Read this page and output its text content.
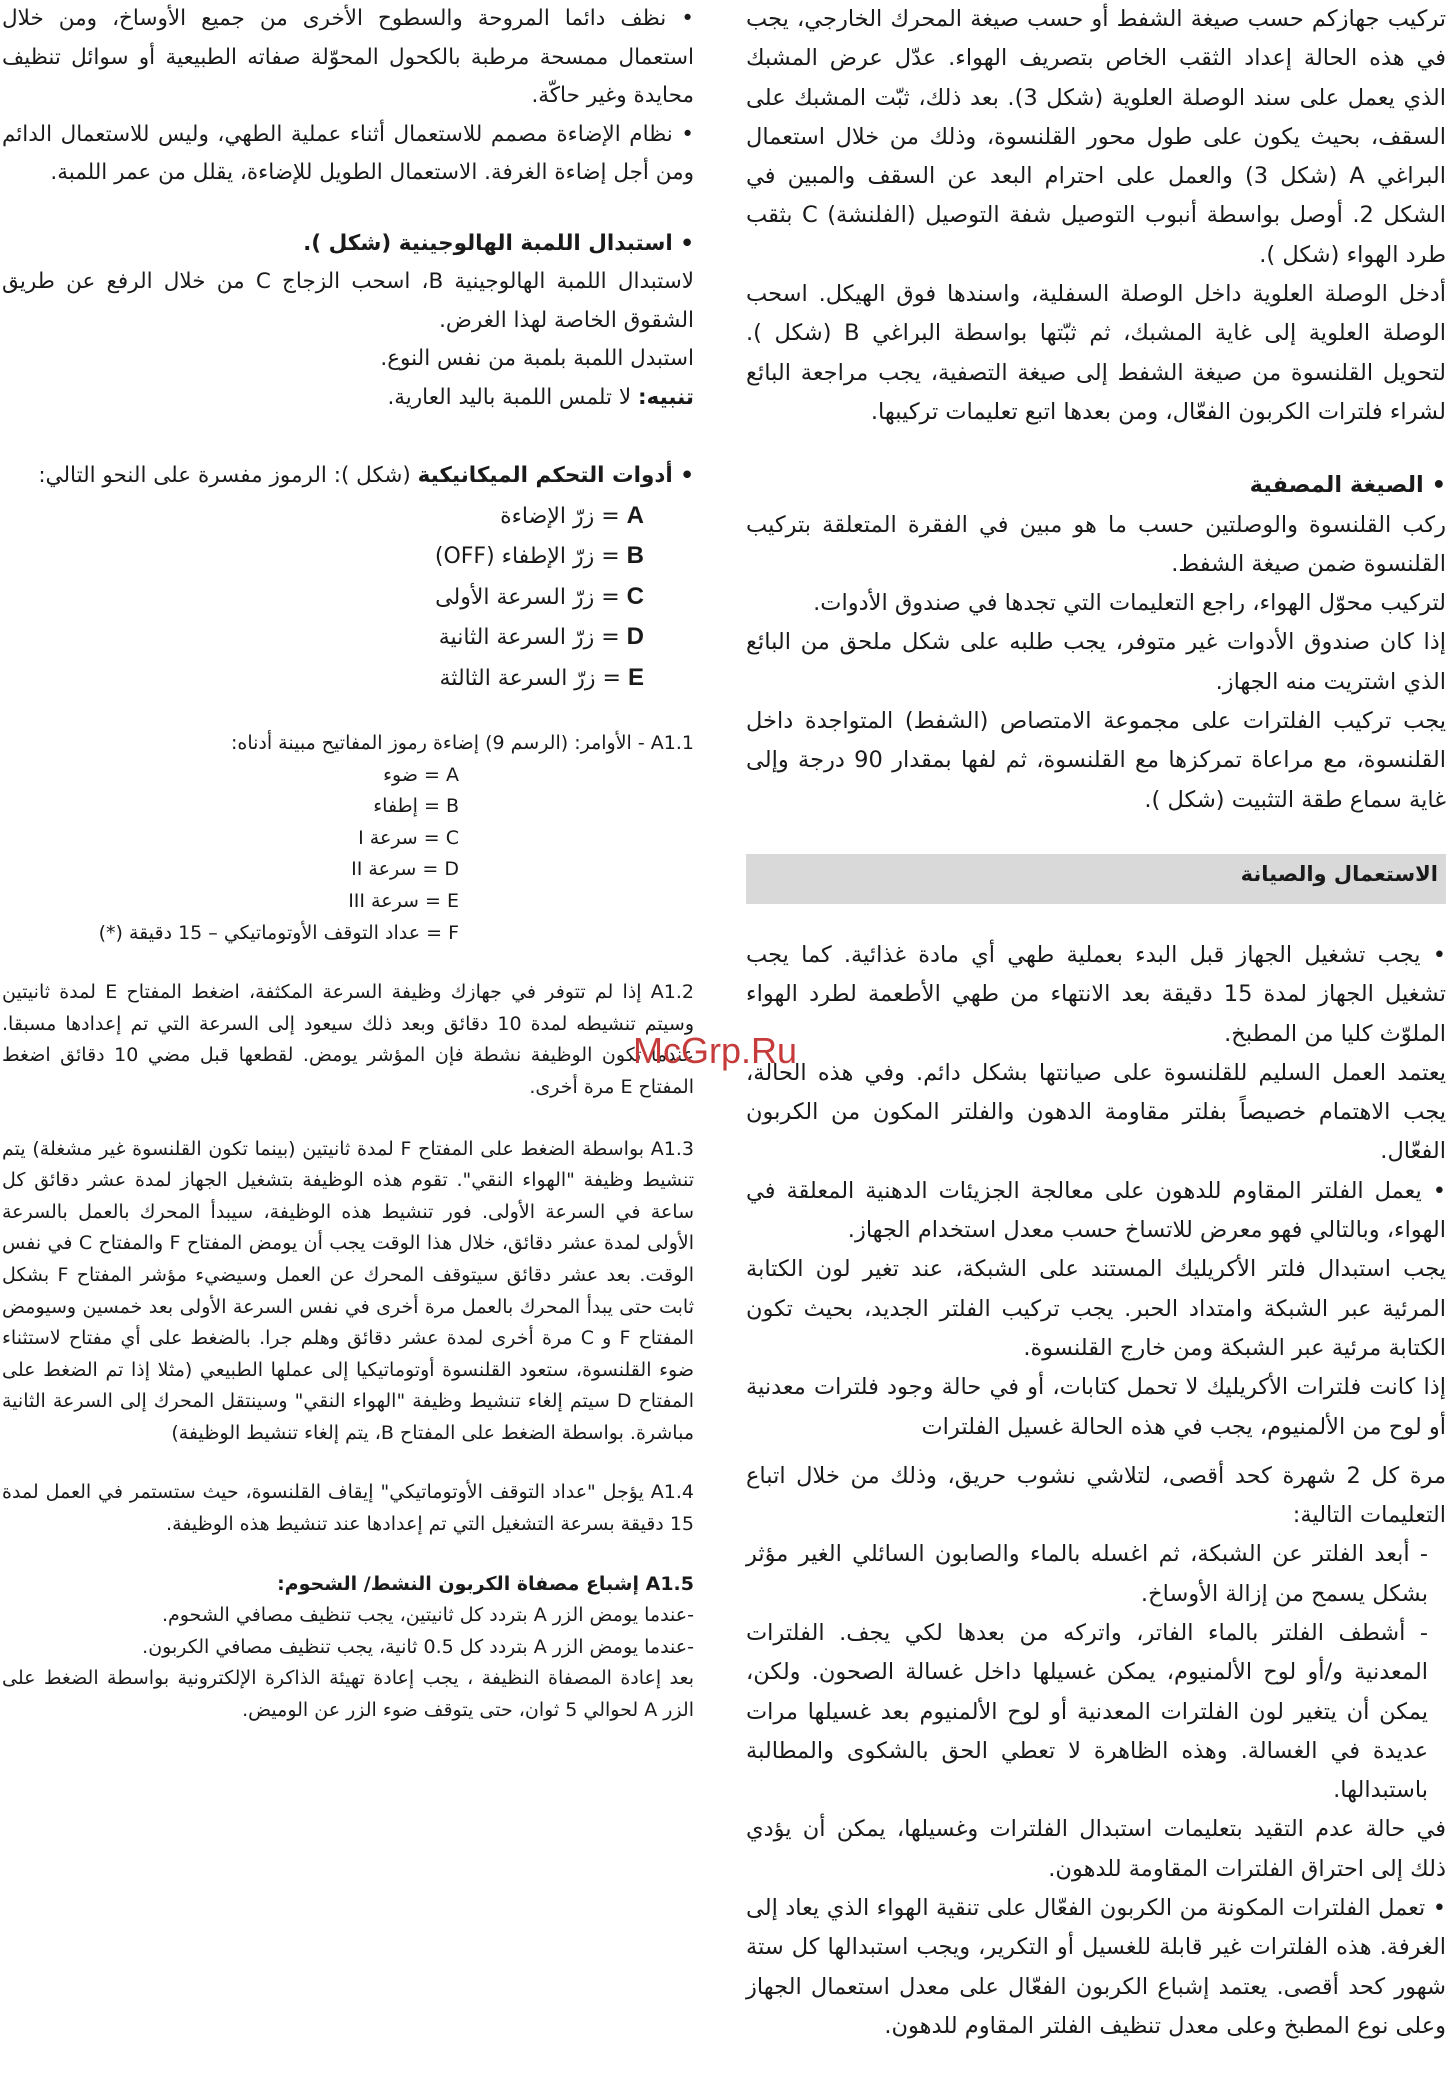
تركيب جهازكم حسب صيغة الشفط أو حسب صيغة المحرك الخارجي، يجب في هذه الحالة إعداد الثقب الخاص بتصريف الهواء. عدّل عرض المشبك الذي يعمل على سند الوصلة العلوية (شكل 3). بعد ذلك، ثبّت المشبك على السقف، بحيث يكون على طول محور القلنسوة، وذلك من خلال استعمال البراغي A (شكل 3) والعمل على احترام البعد عن السقف والمبين في الشكل 2. أوصل بواسطة أنبوب التوصيل شفة التوصيل (الفلنشة) C بثقب طرد الهواء (شكل ).

أدخل الوصلة العلوية داخل الوصلة السفلية، واسندها فوق الهيكل. اسحب الوصلة العلوية إلى غاية المشبك، ثم ثبّتها بواسطة البراغي B (شكل ). لتحويل القلنسوة من صيغة الشفط إلى صيغة التصفية، يجب مراجعة البائع لشراء فلترات الكربون الفعّال، ومن بعدها اتبع تعليمات تركيبها.

• الصيغة المصفية

ركب القلنسوة والوصلتين حسب ما هو مبين في الفقرة المتعلقة بتركيب القلنسوة ضمن صيغة الشفط.

لتركيب محوّل الهواء، راجع التعليمات التي تجدها في صندوق الأدوات.

إذا كان صندوق الأدوات غير متوفر، يجب طلبه على شكل ملحق من البائع الذي اشتريت منه الجهاز.

يجب تركيب الفلترات على مجموعة الامتصاص (الشفط) المتواجدة داخل القلنسوة، مع مراعاة تمركزها مع القلنسوة، ثم لفها بمقدار 90 درجة وإلى غاية سماع طقة التثبيت (شكل ).

الاستعمال والصيانة

• يجب تشغيل الجهاز قبل البدء بعملية طهي أي مادة غذائية. كما يجب تشغيل الجهاز لمدة 15 دقيقة بعد الانتهاء من طهي الأطعمة لطرد الهواء الملوّث كليا من المطبخ.

يعتمد العمل السليم للقلنسوة على صيانتها بشكل دائم. وفي هذه الحالة، يجب الاهتمام خصيصاً بفلتر مقاومة الدهون والفلتر المكون من الكربون الفعّال.

• يعمل الفلتر المقاوم للدهون على معالجة الجزيئات الدهنية المعلقة في الهواء، وبالتالي فهو معرض للاتساخ حسب معدل استخدام الجهاز.

يجب استبدال فلتر الأكريليك المستند على الشبكة، عند تغير لون الكتابة المرئية عبر الشبكة وامتداد الحبر. يجب تركيب الفلتر الجديد، بحيث تكون الكتابة مرئية عبر الشبكة ومن خارج القلنسوة.

إذا كانت فلترات الأكريليك لا تحمل كتابات، أو في حالة وجود فلترات معدنية أو لوح من الألمنيوم، يجب في هذه الحالة غسيل الفلترات

مرة كل 2 شهرة كحد أقصى، لتلاشي نشوب حريق، وذلك من خلال اتباع التعليمات التالية:

- أبعد الفلتر عن الشبكة، ثم اغسله بالماء والصابون السائلي الغير مؤثر بشكل يسمح من إزالة الأوساخ.

- أشطف الفلتر بالماء الفاتر، واتركه من بعدها لكي يجف. الفلترات المعدنية و/أو لوح الألمنيوم، يمكن غسيلها داخل غسالة الصحون. ولكن، يمكن أن يتغير لون الفلترات المعدنية أو لوح الألمنيوم بعد غسيلها مرات عديدة في الغسالة. وهذه الظاهرة لا تعطي الحق بالشكوى والمطالبة باستبدالها.

في حالة عدم التقيد بتعليمات استبدال الفلترات وغسيلها، يمكن أن يؤدي ذلك إلى احتراق الفلترات المقاومة للدهون.

• تعمل الفلترات المكونة من الكربون الفعّال على تنقية الهواء الذي يعاد إلى الغرفة. هذه الفلترات غير قابلة للغسيل أو التكرير، ويجب استبدالها كل ستة شهور كحد أقصى. يعتمد إشباع الكربون الفعّال على معدل استعمال الجهاز وعلى نوع المطبخ وعلى معدل تنظيف الفلتر المقاوم للدهون.

• نظف دائما المروحة والسطوح الأخرى من جميع الأوساخ، ومن خلال استعمال ممسحة مرطبة بالكحول المحوّلة صفاته الطبيعية أو سوائل تنظيف محايدة وغير حاكّة.

• نظام الإضاءة مصمم للاستعمال أثناء عملية الطهي، وليس للاستعمال الدائم ومن أجل إضاءة الغرفة. الاستعمال الطويل للإضاءة، يقلل من عمر اللمبة.

• استبدال اللمبة الهالوجينية (شكل ).

لاستبدال اللمبة الهالوجينية B، اسحب الزجاج C من خلال الرفع عن طريق الشقوق الخاصة لهذا الغرض.

استبدل اللمبة بلمبة من نفس النوع.

تنبيه: لا تلمس اللمبة باليد العارية.

• أدوات التحكم الميكانيكية (شكل ): الرموز مفسرة على النحو التالي:

A = زرّ الإضاءة

B = زرّ الإطفاء (OFF)

C = زرّ السرعة الأولى

D = زرّ السرعة الثانية

E = زرّ السرعة الثالثة

A1.1 - الأوامر: (الرسم 9) إضاءة رموز المفاتيح مبينة أدناه:

A = ضوء

B = إطفاء

C = سرعة I

D = سرعة II

E = سرعة III

F = عداد التوقف الأوتوماتيكي – 15 دقيقة (*)

A1.2 إذا لم تتوفر في جهازك وظيفة السرعة المكثفة، اضغط المفتاح E لمدة ثانيتين وسيتم تنشيطه لمدة 10 دقائق وبعد ذلك سيعود إلى السرعة التي تم إعدادها مسبقا. عندما تكون الوظيفة نشطة فإن المؤشر يومض. لقطعها قبل مضي 10 دقائق اضغط المفتاح E مرة أخرى.

A1.3 بواسطة الضغط على المفتاح F لمدة ثانيتين (بينما تكون القلنسوة غير مشغلة) يتم تنشيط وظيفة "الهواء النقي". تقوم هذه الوظيفة بتشغيل الجهاز لمدة عشر دقائق كل ساعة في السرعة الأولى. فور تنشيط هذه الوظيفة، سيبدأ المحرك بالعمل بالسرعة الأولى لمدة عشر دقائق، خلال هذا الوقت يجب أن يومض المفتاح F والمفتاح C في نفس الوقت. بعد عشر دقائق سيتوقف المحرك عن العمل وسيضيء مؤشر المفتاح F بشكل ثابت حتى يبدأ المحرك بالعمل مرة أخرى في نفس السرعة الأولى بعد خمسين وسيومض المفتاح F و C مرة أخرى لمدة عشر دقائق وهلم جرا. بالضغط على أي مفتاح لاستثناء ضوء القلنسوة، ستعود القلنسوة أوتوماتيكيا إلى عملها الطبيعي (مثلا إذا تم الضغط على المفتاح D سيتم إلغاء تنشيط وظيفة "الهواء النقي" وسينتقل المحرك إلى السرعة الثانية مباشرة. بواسطة الضغط على المفتاح B، يتم إلغاء تنشيط الوظيفة)

A1.4 يؤجل "عداد التوقف الأوتوماتيكي" إيقاف القلنسوة، حيث ستستمر في العمل لمدة 15 دقيقة بسرعة التشغيل التي تم إعدادها عند تنشيط هذه الوظيفة.

A1.5 إشباع مصفاة الكربون النشط/ الشحوم:

-عندما يومض الزر A بتردد كل ثانيتين، يجب تنظيف مصافي الشحوم.

-عندما يومض الزر A بتردد كل 0.5 ثانية، يجب تنظيف مصافي الكربون.

بعد إعادة المصفاة النظيفة ، يجب إعادة تهيئة الذاكرة الإلكترونية بواسطة الضغط على الزر A لحوالي 5 ثوان، حتى يتوقف ضوء الزر عن الوميض.

McGrp.Ru
